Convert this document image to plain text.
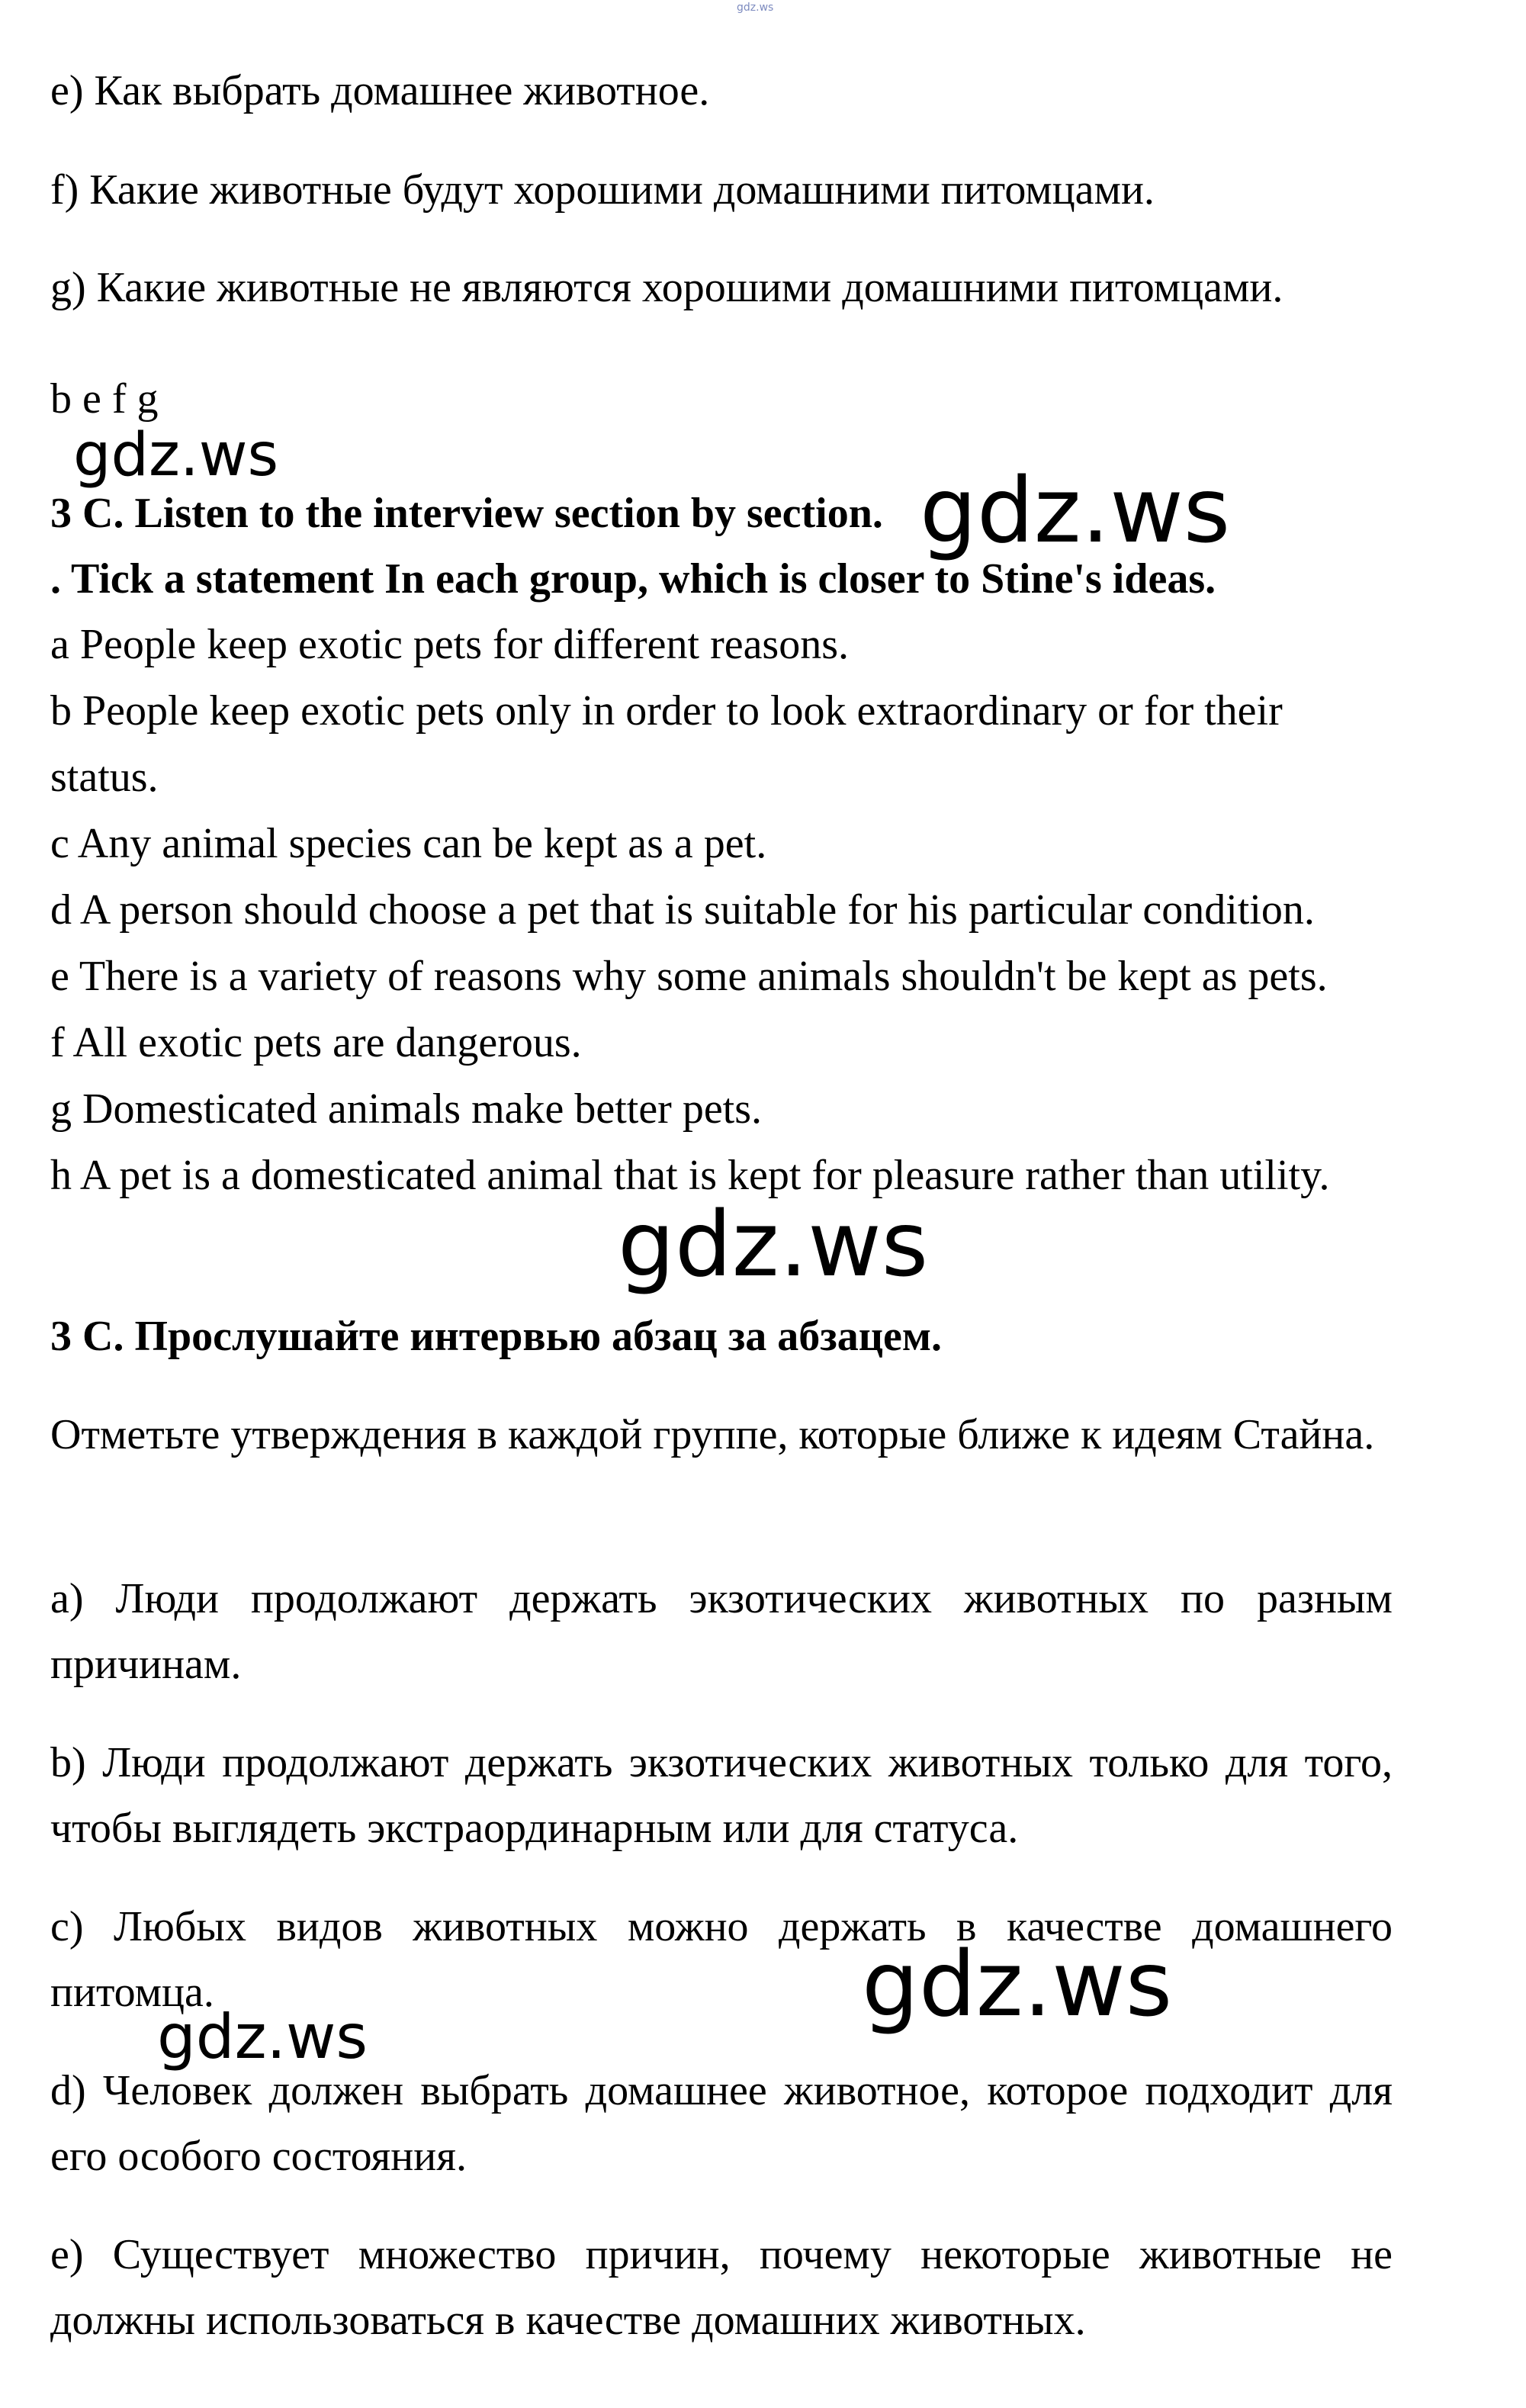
gdz.ws
e) Как выбрать домашнее животное.
f) Какие животные будут хорошими домашними питомцами.
g) Какие животные не являются хорошими домашними питомцами.
b e f g
gdz.ws
gdz.ws
3 C. Listen to the interview section by section.
. Tick a statement In each group, which is closer to Stine's ideas.
a People keep exotic pets for different reasons.
b People keep exotic pets only in order to look extraordinary or for their
status.
c Any animal species can be kept as a pet.
d A person should choose a pet that is suitable for his particular condition.
e There is a variety of reasons why some animals shouldn't be kept as pets.
f All exotic pets are dangerous.
g Domesticated animals make better pets.
h A pet is a domesticated animal that is kept for pleasure rather than utility.
gdz.ws
3 С. Прослушайте интервью абзац за абзацем.
Отметьте утверждения в каждой группе, которые ближе к идеям Стайна.
а) Люди продолжают держать экзотических животных по разным причинам.
b) Люди продолжают держать экзотических животных только для того, чтобы выглядеть экстраординарным или для статуса.
с) Любых видов животных можно держать в качестве домашнего питомца.
d) Человек должен выбрать домашнее животное, которое подходит для его особого состояния.
е) Существует множество причин, почему некоторые животные не должны использоваться в качестве домашних животных.
gdz.ws
gdz.ws
